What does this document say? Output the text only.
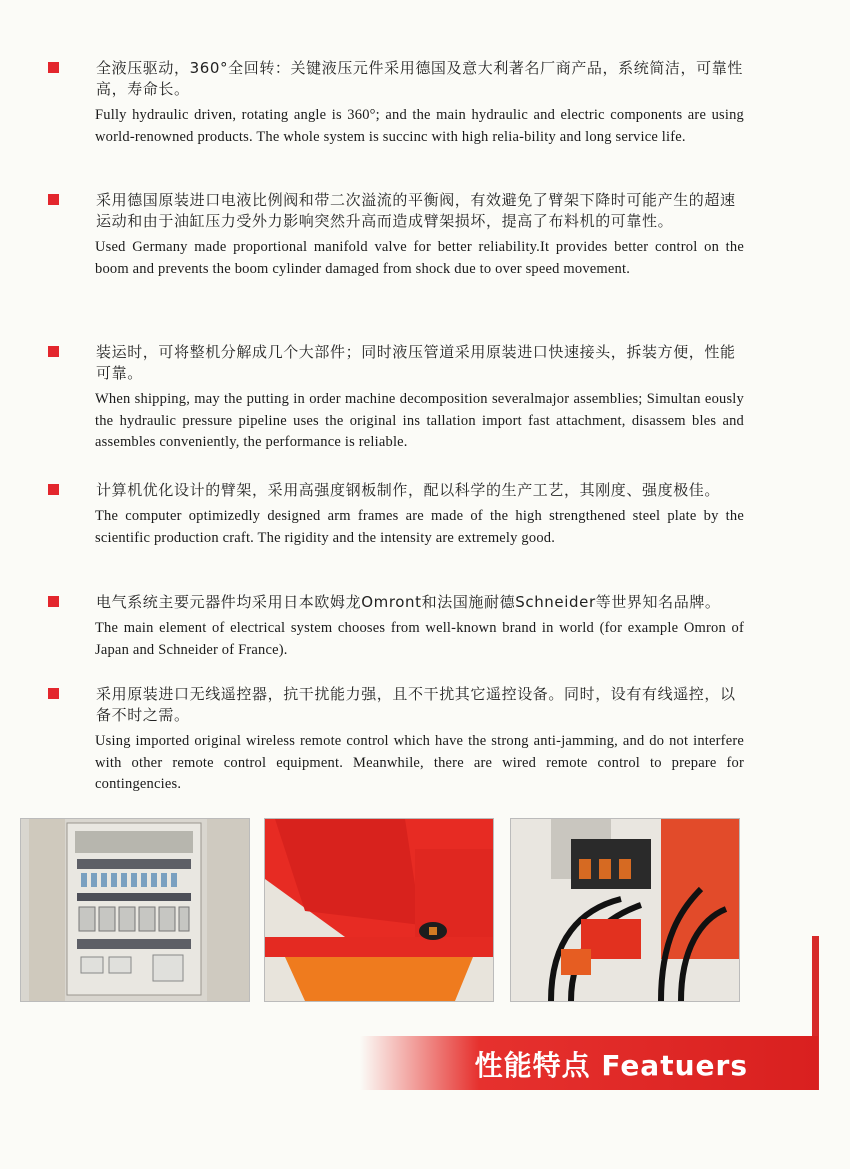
全液压驱动，360°全回转：关键液压元件采用德国及意大利著名厂商产品，系统简洁，可靠性高，寿命长。
Fully hydraulic driven, rotating angle is 360°; and the main hydraulic and electric components are using world-renowned products. The whole system is succinc with high relia-bility and long service life.
采用德国原装进口电液比例阀和带二次溢流的平衡阀，有效避免了臂架下降时可能产生的超速运动和由于油缸压力受外力影响突然升高而造成臂架损坏，提高了布料机的可靠性。
Used Germany made proportional manifold valve for better reliability.It provides better control on the boom and prevents the boom cylinder damaged from shock due to over speed movement.
装运时，可将整机分解成几个大部件；同时液压管道采用原装进口快速接头，拆装方便，性能可靠。
When shipping, may the putting in order machine decomposition severalmajor assemblies; Simultan eously the hydraulic pressure pipeline uses the original ins tallation import fast attachment, disassem bles and assembles conveniently, the performance is reliable.
计算机优化设计的臂架，采用高强度钢板制作，配以科学的生产工艺，其刚度、强度极佳。
The computer optimizedly designed arm frames are made of the high strengthened steel plate by the scientific production craft. The rigidity and the intensity are extremely good.
电气系统主要元器件均采用日本欧姆龙Omront和法国施耐德Schneider等世界知名品牌。
The main element of electrical system chooses from well-known brand in world (for example Omron of Japan and Schneider of France).
采用原装进口无线遥控器，抗干扰能力强，且不干扰其它遥控设备。同时，设有有线遥控，以备不时之需。
Using imported original wireless remote control which have the strong anti-jamming, and do not interfere with other remote control equipment. Meanwhile, there are wired remote control to prepare for contingencies.
性能特点 Featuers
